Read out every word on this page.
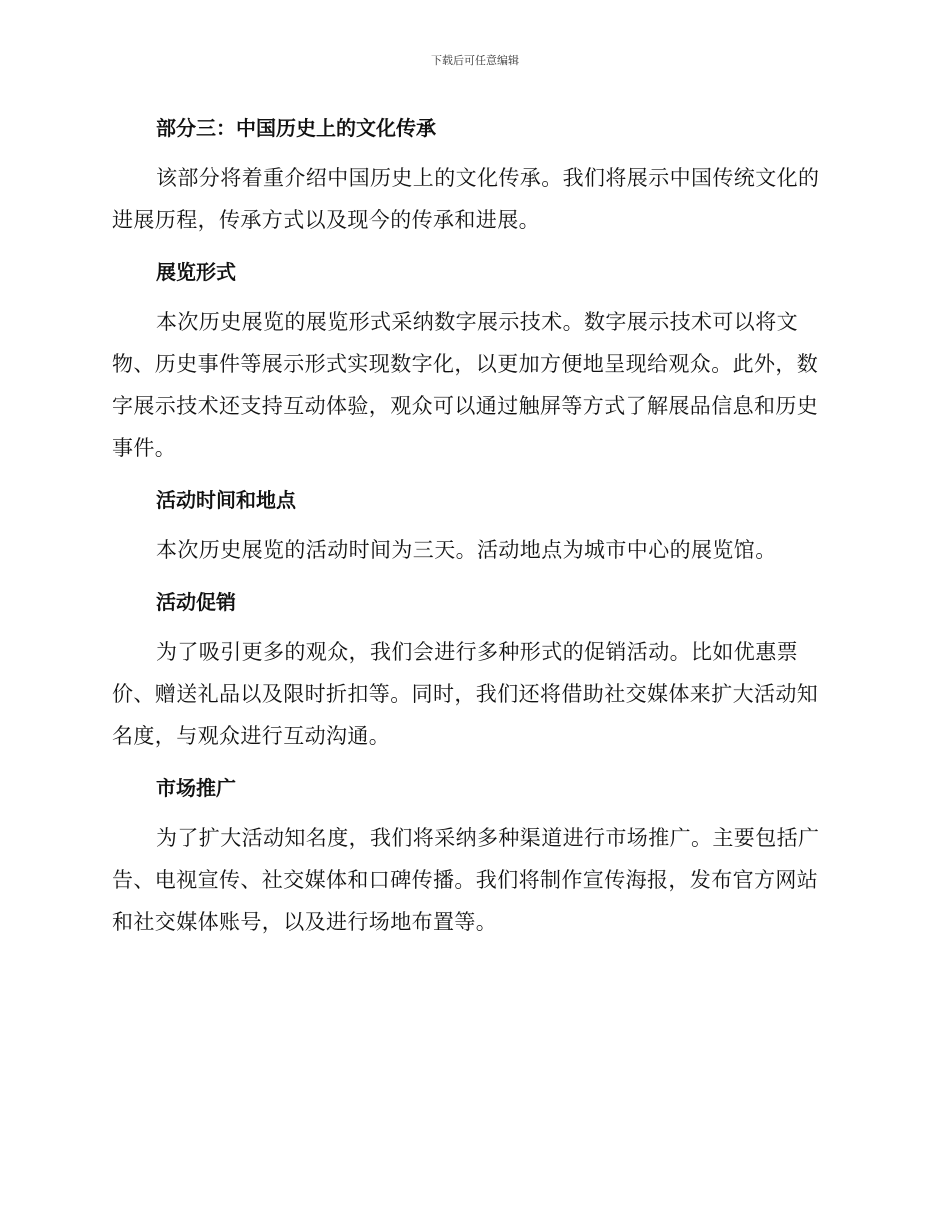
下载后可任意编辑
部分三：中国历史上的文化传承

该部分将着重介绍中国历史上的文化传承。我们将展示中国传统文化的进展历程，传承方式以及现今的传承和进展。

展览形式

本次历史展览的展览形式采纳数字展示技术。数字展示技术可以将文物、历史事件等展示形式实现数字化，以更加方便地呈现给观众。此外，数字展示技术还支持互动体验，观众可以通过触屏等方式了解展品信息和历史事件。

活动时间和地点

本次历史展览的活动时间为三天。活动地点为城市中心的展览馆。

活动促销

为了吸引更多的观众，我们会进行多种形式的促销活动。比如优惠票价、赠送礼品以及限时折扣等。同时，我们还将借助社交媒体来扩大活动知名度，与观众进行互动沟通。

市场推广

为了扩大活动知名度，我们将采纳多种渠道进行市场推广。主要包括广告、电视宣传、社交媒体和口碑传播。我们将制作宣传海报，发布官方网站和社交媒体账号，以及进行场地布置等。
